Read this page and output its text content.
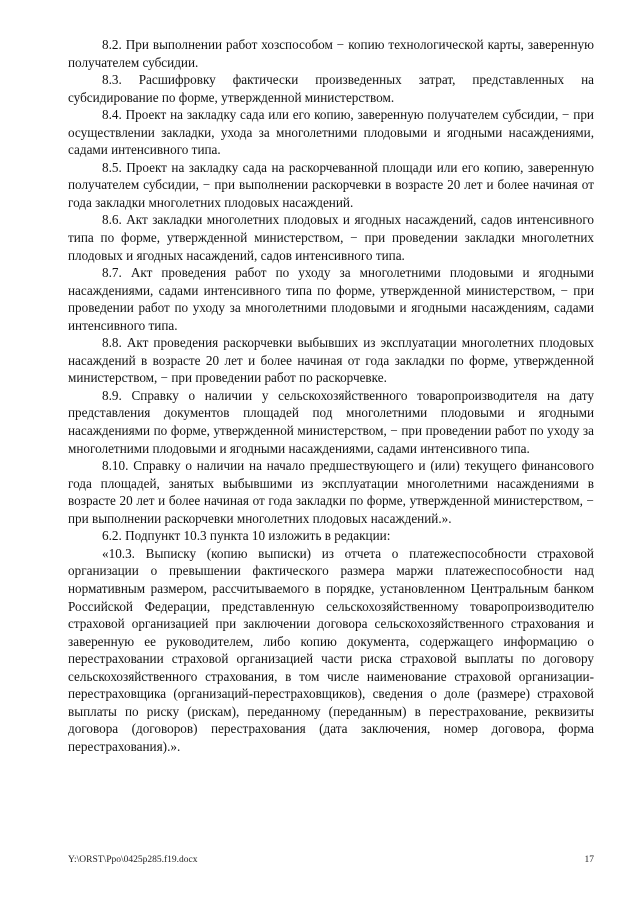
8.2. При выполнении работ хозспособом − копию технологической карты, заверенную получателем субсидии.

8.3. Расшифровку фактически произведенных затрат, представленных на субсидирование по форме, утвержденной министерством.

8.4. Проект на закладку сада или его копию, заверенную получателем субсидии, − при осуществлении закладки, ухода за многолетними плодовыми и ягодными насаждениями, садами интенсивного типа.

8.5. Проект на закладку сада на раскорчеванной площади или его копию, заверенную получателем субсидии, − при выполнении раскорчевки в возрасте 20 лет и более начиная от года закладки многолетних плодовых насаждений.

8.6. Акт закладки многолетних плодовых и ягодных насаждений, садов интенсивного типа по форме, утвержденной министерством, − при проведении закладки многолетних плодовых и ягодных насаждений, садов интенсивного типа.

8.7. Акт проведения работ по уходу за многолетними плодовыми и ягодными насаждениями, садами интенсивного типа по форме, утвержденной министерством, − при проведении работ по уходу за многолетними плодовыми и ягодными насаждениям, садами интенсивного типа.

8.8. Акт проведения раскорчевки выбывших из эксплуатации многолетних плодовых насаждений в возрасте 20 лет и более начиная от года закладки по форме, утвержденной министерством, − при проведении работ по раскорчевке.

8.9. Справку о наличии у сельскохозяйственного товаропроизводителя на дату представления документов площадей под многолетними плодовыми и ягодными насаждениями по форме, утвержденной министерством, − при проведении работ по уходу за многолетними плодовыми и ягодными насаждениями, садами интенсивного типа.

8.10. Справку о наличии на начало предшествующего и (или) текущего финансового года площадей, занятых выбывшими из эксплуатации многолетними насаждениями в возрасте 20 лет и более начиная от года закладки по форме, утвержденной министерством, − при выполнении раскорчевки многолетних плодовых насаждений.».

6.2. Подпункт 10.3 пункта 10 изложить в редакции:

«10.3. Выписку (копию выписки) из отчета о платежеспособности страховой организации о превышении фактического размера маржи платежеспособности над нормативным размером, рассчитываемого в порядке, установленном Центральным банком Российской Федерации, представленную сельскохозяйственному товаропроизводителю страховой организацией при заключении договора сельскохозяйственного страхования и заверенную ее руководителем, либо копию документа, содержащего информацию о перестраховании страховой организацией части риска страховой выплаты по договору сельскохозяйственного страхования, в том числе наименование страховой организации-перестраховщика (организаций-перестраховщиков), сведения о доле (размере) страховой выплаты по риску (рискам), переданному (переданным) в перестрахование, реквизиты договора (договоров) перестрахования (дата заключения, номер договора, форма перестрахования).».

Y:\ORST\Ppo\0425p285.f19.docx	17
